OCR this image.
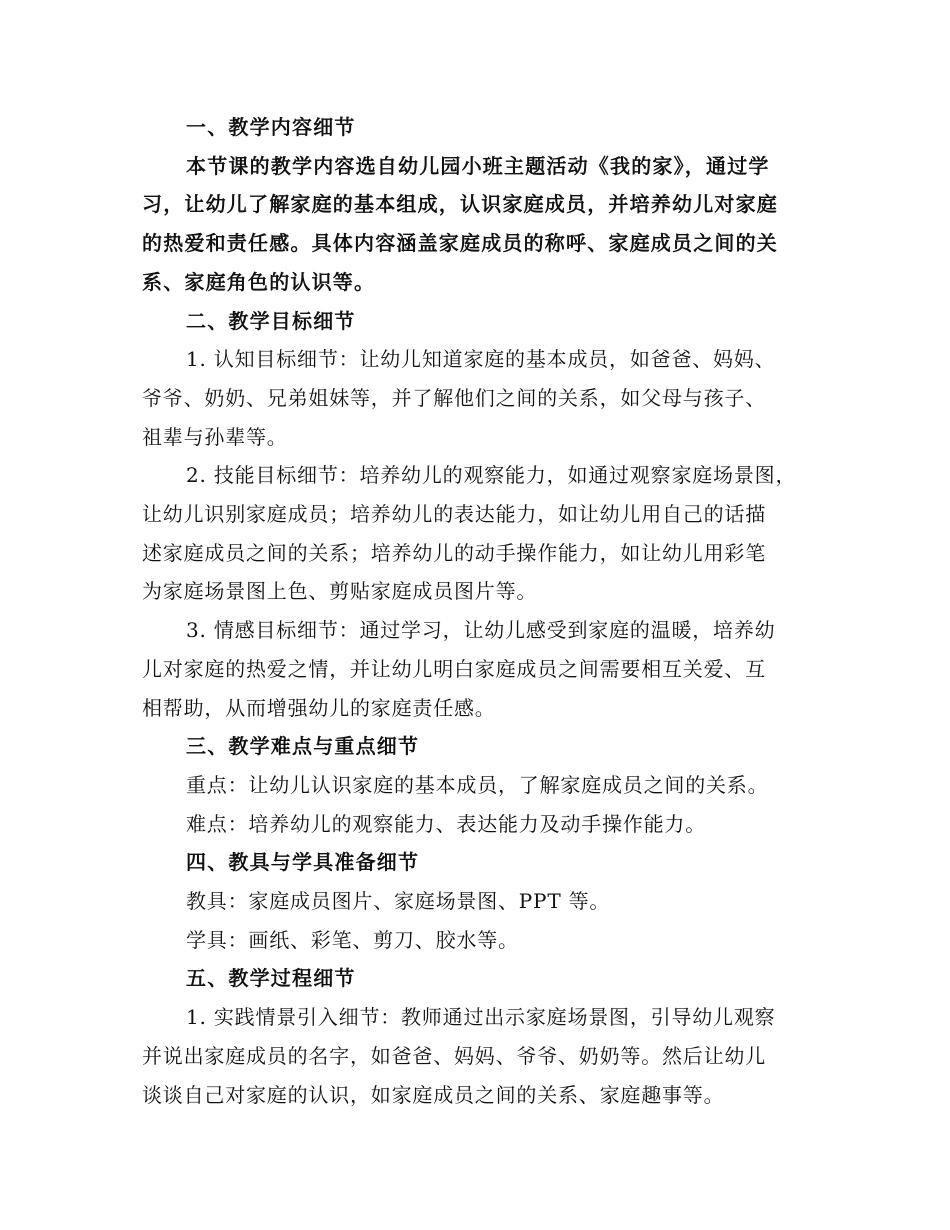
一、教学内容细节

本节课的教学内容选自幼儿园小班主题活动《我的家》，通过学
习，让幼儿了解家庭的基本组成，认识家庭成员，并培养幼儿对家庭
的热爱和责任感。具体内容涵盖家庭成员的称呼、家庭成员之间的关
系、家庭角色的认识等。

二、教学目标细节

1. 认知目标细节：让幼儿知道家庭的基本成员，如爸爸、妈妈、
爷爷、奶奶、兄弟姐妹等，并了解他们之间的关系，如父母与孩子、
祖辈与孙辈等。

2. 技能目标细节：培养幼儿的观察能力，如通过观察家庭场景图，
让幼儿识别家庭成员；培养幼儿的表达能力，如让幼儿用自己的话描
述家庭成员之间的关系；培养幼儿的动手操作能力，如让幼儿用彩笔
为家庭场景图上色、剪贴家庭成员图片等。

3. 情感目标细节：通过学习，让幼儿感受到家庭的温暖，培养幼
儿对家庭的热爱之情，并让幼儿明白家庭成员之间需要相互关爱、互
相帮助，从而增强幼儿的家庭责任感。

三、教学难点与重点细节

重点：让幼儿认识家庭的基本成员，了解家庭成员之间的关系。

难点：培养幼儿的观察能力、表达能力及动手操作能力。

四、教具与学具准备细节

教具：家庭成员图片、家庭场景图、PPT 等。

学具：画纸、彩笔、剪刀、胶水等。

五、教学过程细节

1. 实践情景引入细节：教师通过出示家庭场景图，引导幼儿观察
并说出家庭成员的名字，如爸爸、妈妈、爷爷、奶奶等。然后让幼儿
谈谈自己对家庭的认识，如家庭成员之间的关系、家庭趣事等。
